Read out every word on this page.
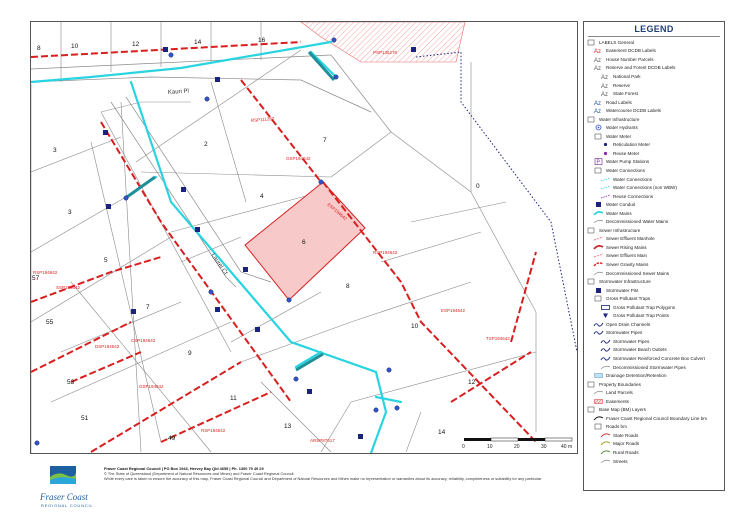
8	10	12	14	16
3
2
7
3
4
0
5
6
57
8
7
10
55
9
53
11
12
51
49
13
14
Kauri Pl
Laurel Ct
PSP135276
RSP111262
GSP194642
ESP194642
RSP194642
SSP194642
CSP194642
DSP194642
ESP194642
TSP194642
GSP194642
RSP194642
RSP194642
ARSP87617
0	10	20	30	40 m
LEGEND
LABELS General
Az Easement DCDB Labels
Az House Number Parcels
Az Reserve and Forest DCDB Labels
Az National Park
Az Reserve
Az State Forest
Az Road Labels
Az Watercourse DCDB Labels
Water Infrastructure
Water Hydrants
Water Meter
Reticulation Meter
Reuse Meter
P Water Pump Stations
Water Connections
Water Connections
Water Connections (non WBW)
Reuse Connections
Water Conduit
Water Mains
Decommissioned Water Mains
Sewer Infrastructure
Sewer Effluent Manhole
Sewer Rising Mains
Sewer Effluent Main
Sewer Gravity Mains
Decommissioned Sewer Mains
Stormwater Infrastructure
Stormwater Pits
Gross Pollutant Traps
Gross Pollutant Trap Polygons
Gross Pollutant Trap Points
Open Drain Channels
Stormwater Pipes
Stormwater Pipes
Stormwater Beach Outlets
Stormwater Reinforced Concrete Box Culvert
Decommissioned Stormwater Pipes
Drainage Detention/Retention
Property Boundaries
Land Parcels
Easements
Base Map (BM) Layers
Fraser Coast Regional Council Boundary Line bm
Roads bm
State Roads
Major Roads
Rural Roads
Streets
Fraser Coast
REGIONAL COUNCIL
Fraser Coast Regional Council | PO Box 1943, Hervey Bay Qld 4655 | Ph. 1300 79 49 29
© The State of Queensland (Department of Natural Resources and Mines) and Fraser Coast Regional Council.
While every care is taken to ensure the accuracy of this map, Fraser Coast Regional Council and Department of Natural Resources and Mines make no representation or warranties about its accuracy, reliability, completeness or suitability for any particular
